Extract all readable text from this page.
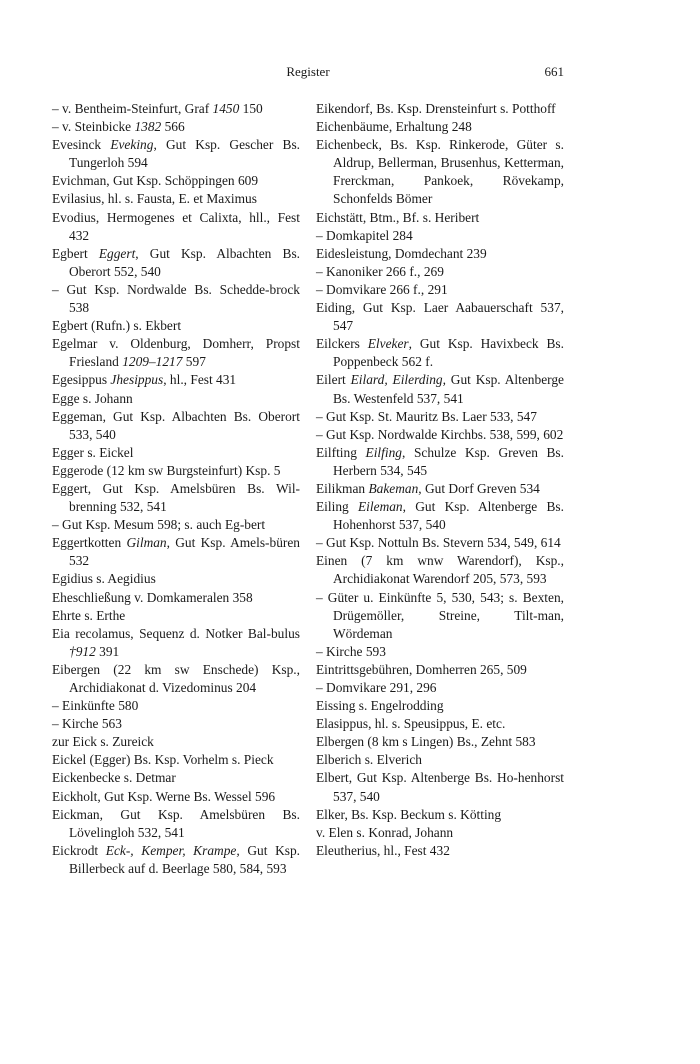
Register	661
– v. Bentheim-Steinfurt, Graf 1450 150
– v. Steinbicke 1382 566
Evesinck Eveking, Gut Ksp. Gescher Bs. Tungerloh 594
Evichman, Gut Ksp. Schöppingen 609
Evilasius, hl. s. Fausta, E. et Maximus
Evodius, Hermogenes et Calixta, hll., Fest 432
Egbert Eggert, Gut Ksp. Albachten Bs. Oberort 552, 540
– Gut Ksp. Nordwalde Bs. Schedde-brock 538
Egbert (Rufn.) s. Ekbert
Egelmar v. Oldenburg, Domherr, Propst Friesland 1209–1217 597
Egesippus Jhesippus, hl., Fest 431
Egge s. Johann
Eggeman, Gut Ksp. Albachten Bs. Oberort 533, 540
Egger s. Eickel
Eggerode (12 km sw Burgsteinfurt) Ksp. 5
Eggert, Gut Ksp. Amelsbüren Bs. Wil-brenning 532, 541
– Gut Ksp. Mesum 598; s. auch Eg-bert
Eggertkotten Gilman, Gut Ksp. Amels-büren 532
Egidius s. Aegidius
Eheschließung v. Domkameralen 358
Ehrte s. Erthe
Eia recolamus, Sequenz d. Notker Bal-bulus †912 391
Eibergen (22 km sw Enschede) Ksp., Archidiakonat d. Vizedominus 204
– Einkünfte 580
– Kirche 563
zur Eick s. Zureick
Eickel (Egger) Bs. Ksp. Vorhelm s. Pieck
Eickenbecke s. Detmar
Eickholt, Gut Ksp. Werne Bs. Wessel 596
Eickman, Gut Ksp. Amelsbüren Bs. Lövelingloh 532, 541
Eickrodt Eck-, Kemper, Krampe, Gut Ksp. Billerbeck auf d. Beerlage 580, 584, 593
Eikendorf, Bs. Ksp. Drensteinfurt s. Potthoff
Eichenbäume, Erhaltung 248
Eichenbeck, Bs. Ksp. Rinkerode, Güter s. Aldrup, Bellerman, Brusenhus, Ketterman, Frerckman, Pankoek, Rövekamp, Schonfelds Bömer
Eichstätt, Btm., Bf. s. Heribert
– Domkapitel 284
Eidesleistung, Domdechant 239
– Kanoniker 266 f., 269
– Domvikare 266 f., 291
Eiding, Gut Ksp. Laer Aabauerschaft 537, 547
Eilckers Elveker, Gut Ksp. Havixbeck Bs. Poppenbeck 562 f.
Eilert Eilard, Eilerding, Gut Ksp. Altenberge Bs. Westenfeld 537, 541
– Gut Ksp. St. Mauritz Bs. Laer 533, 547
– Gut Ksp. Nordwalde Kirchbs. 538, 599, 602
Eilfting Eilfing, Schulze Ksp. Greven Bs. Herbern 534, 545
Eilikman Bakeman, Gut Dorf Greven 534
Eiling Eileman, Gut Ksp. Altenberge Bs. Hohenhorst 537, 540
– Gut Ksp. Nottuln Bs. Stevern 534, 549, 614
Einen (7 km wnw Warendorf), Ksp., Archidiakonat Warendorf 205, 573, 593
– Güter u. Einkünfte 5, 530, 543; s. Bexten, Drügemöller, Streine, Tilt-man, Wördeman
– Kirche 593
Eintrittsgebühren, Domherren 265, 509
– Domvikare 291, 296
Eissing s. Engelrodding
Elasippus, hl. s. Speusippus, E. etc.
Elbergen (8 km s Lingen) Bs., Zehnt 583
Elberich s. Elverich
Elbert, Gut Ksp. Altenberge Bs. Ho-henhorst 537, 540
Elker, Bs. Ksp. Beckum s. Kötting
v. Elen s. Konrad, Johann
Eleutherius, hl., Fest 432
